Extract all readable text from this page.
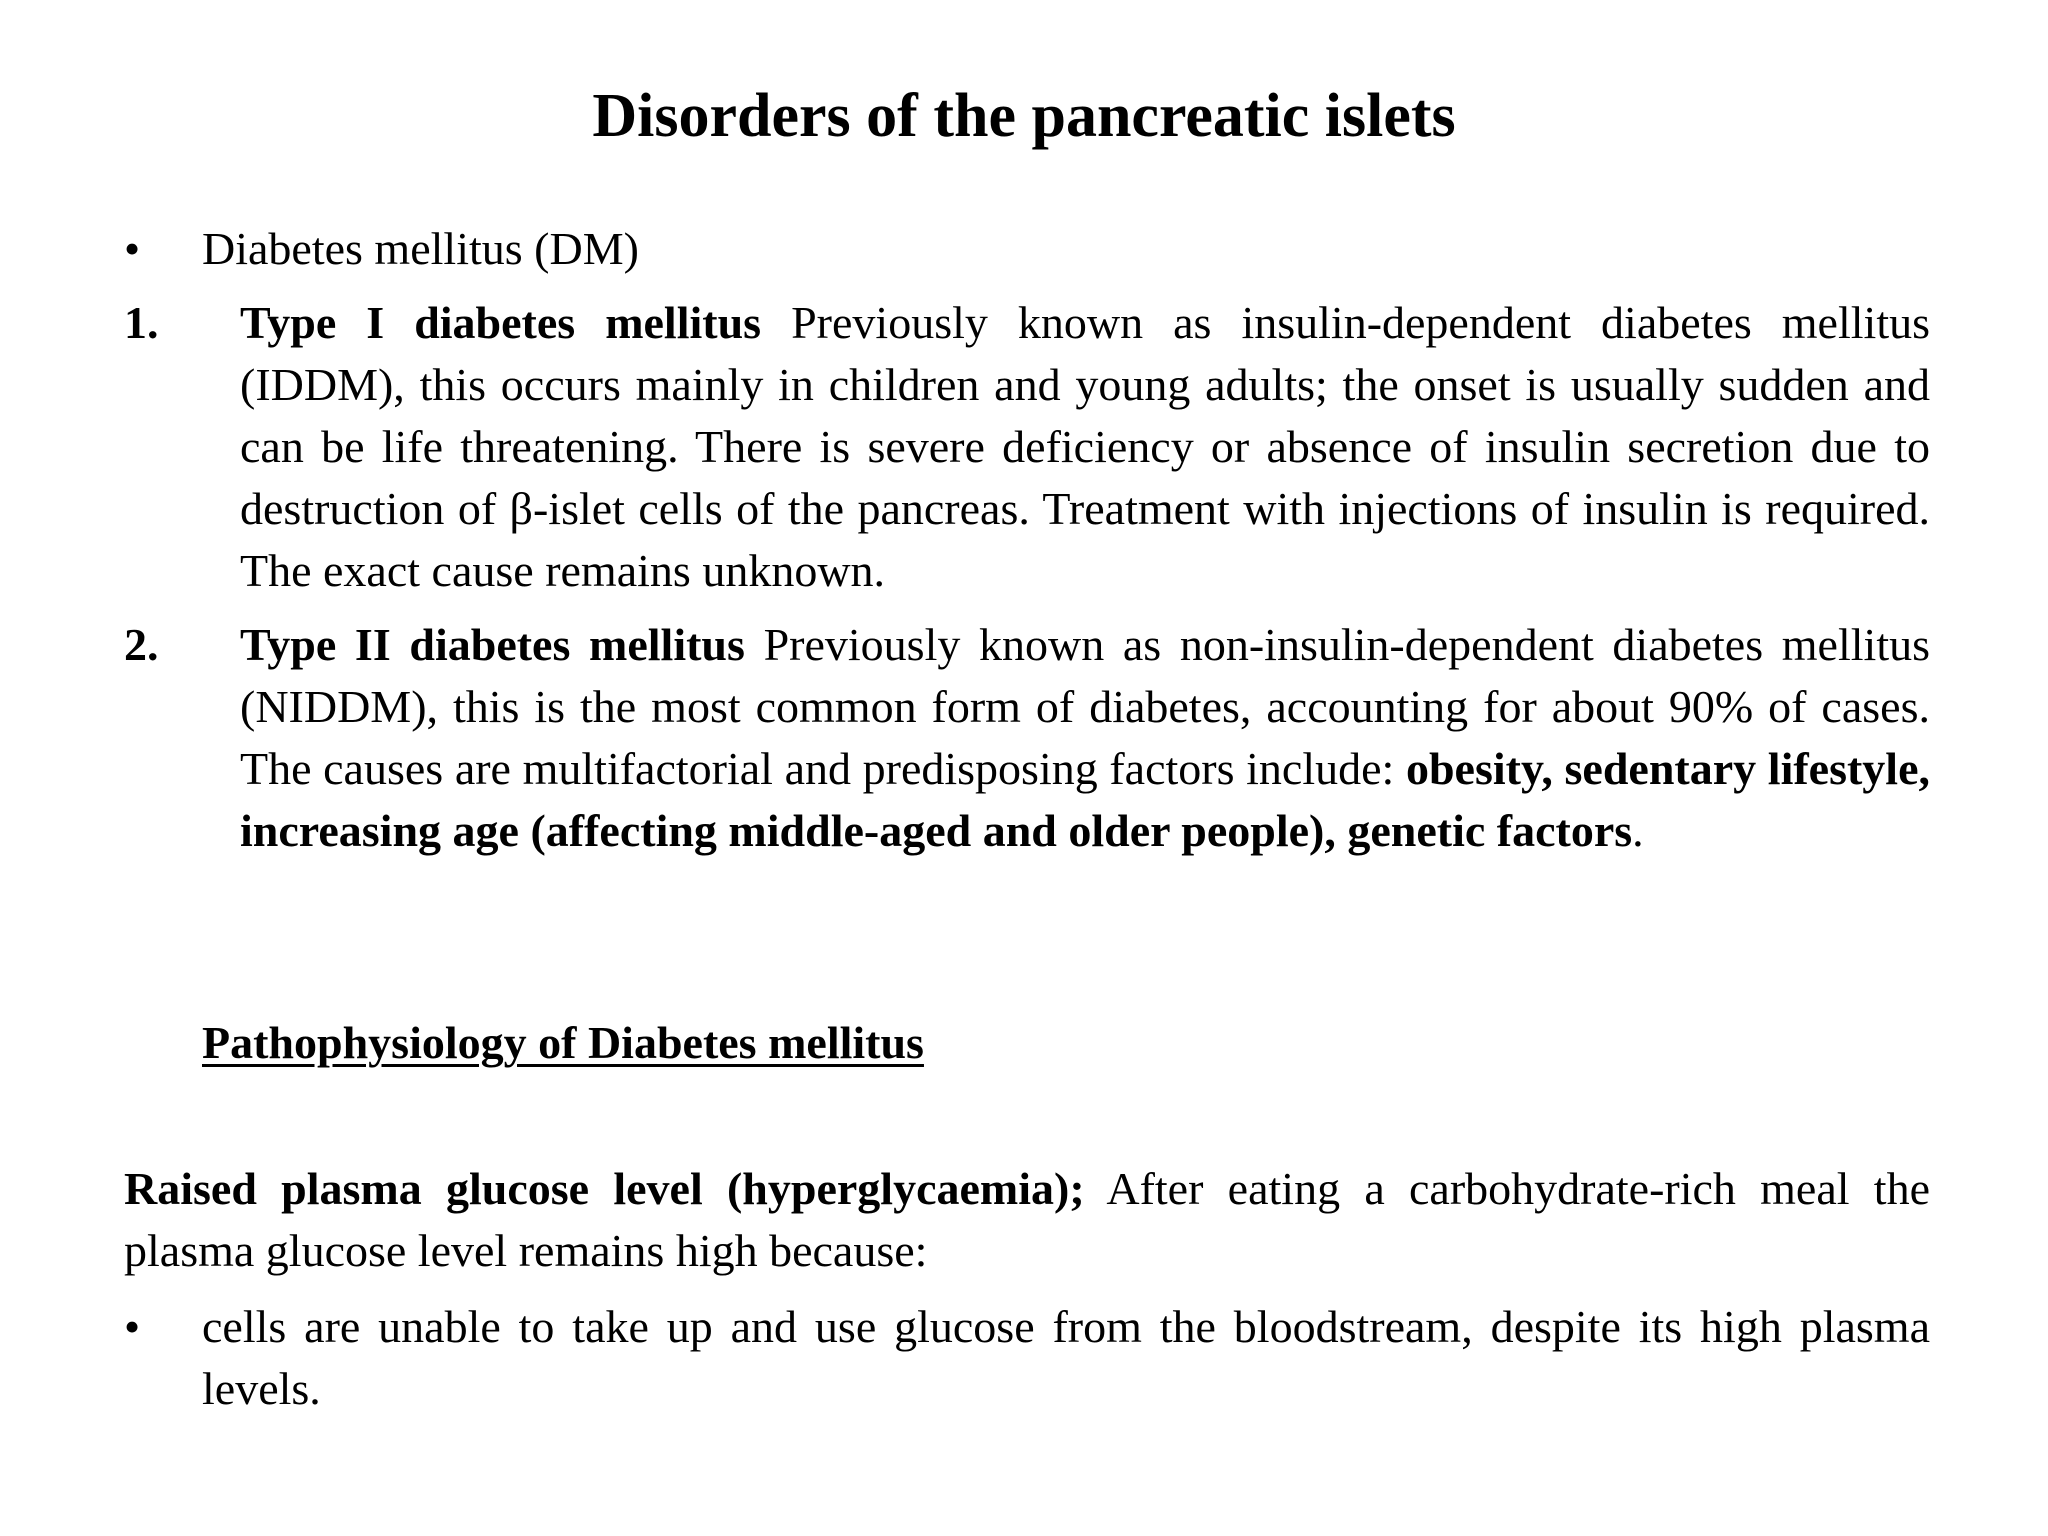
Disorders of the pancreatic islets
•	Diabetes mellitus (DM)
1. Type I diabetes mellitus Previously known as insulin-dependent diabetes mellitus (IDDM), this occurs mainly in children and young adults; the onset is usually sudden and can be life threatening. There is severe deficiency or absence of insulin secretion due to destruction of β-islet cells of the pancreas. Treatment with injections of insulin is required. The exact cause remains unknown.

2. Type II diabetes mellitus Previously known as non-insulin-dependent diabetes mellitus (NIDDM), this is the most common form of diabetes, accounting for about 90% of cases. The causes are multifactorial and predisposing factors include: obesity, sedentary lifestyle, increasing age (affecting middle-aged and older people), genetic factors.

Pathophysiology of Diabetes mellitus

Raised plasma glucose level (hyperglycaemia); After eating a carbohydrate-rich meal the plasma glucose level remains high because:

•	cells are unable to take up and use glucose from the bloodstream, despite its high plasma levels.
